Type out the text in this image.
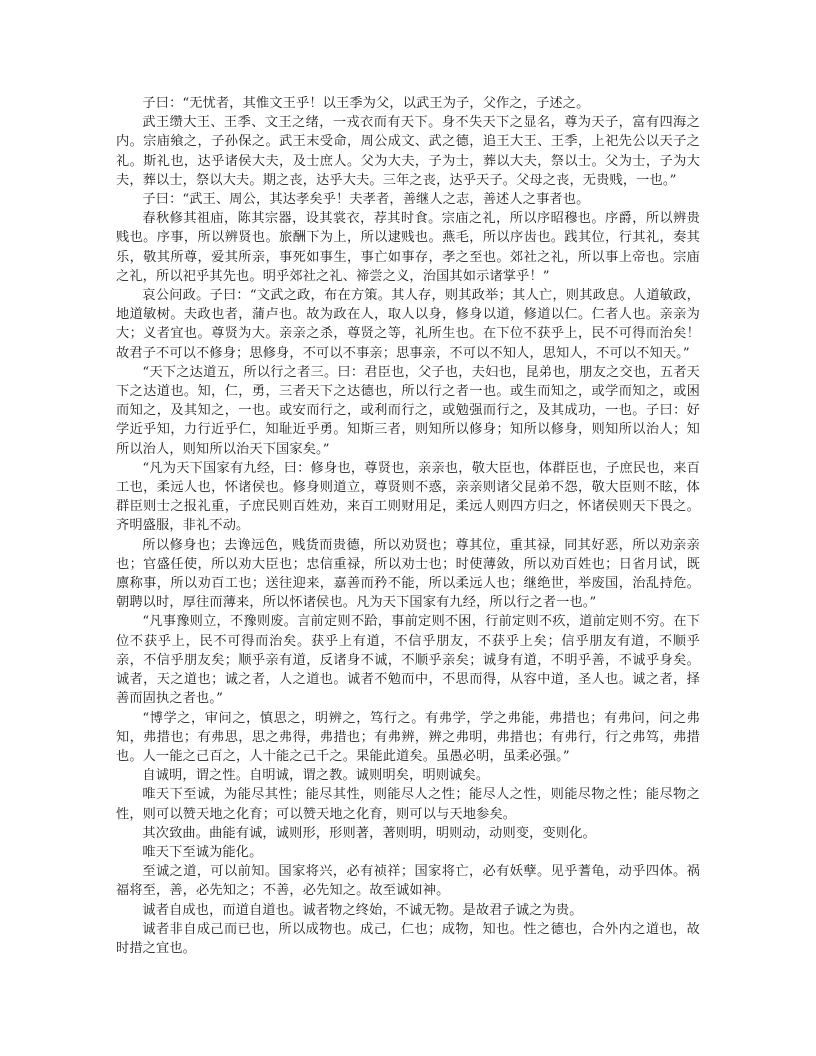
子曰：“无忧者，其惟文王乎！以王季为父，以武王为子，父作之，子述之。

武王缵大王、王季、文王之绪，一戎衣而有天下。身不失天下之显名，尊为天子，富有四海之内。宗庙飨之，子孙保之。武王末受命，周公成文、武之德，追王大王、王季，上祀先公以天子之礼。斯礼也，达乎诸侯大夫，及士庶人。父为大夫，子为士，葬以大夫，祭以士。父为士，子为大夫，葬以士，祭以大夫。期之丧，达乎大夫。三年之丧，达乎天子。父母之丧，无贵贱，一也。”

子曰：“武王、周公，其达孝矣乎！夫孝者，善继人之志，善述人之事者也。

春秋修其祖庙，陈其宗器，设其裳衣，荐其时食。宗庙之礼，所以序昭穆也。序爵，所以辨贵贱也。序事，所以辨贤也。旅酬下为上，所以逮贱也。燕毛，所以序齿也。践其位，行其礼，奏其乐，敬其所尊，爱其所亲，事死如事生，事亡如事存，孝之至也。郊社之礼，所以事上帝也。宗庙之礼，所以祀乎其先也。明乎郊社之礼、禘尝之义，治国其如示诸掌乎！”

哀公问政。子曰：“文武之政，布在方策。其人存，则其政举；其人亡，则其政息。人道敏政，地道敏树。夫政也者，蒲卢也。故为政在人，取人以身，修身以道，修道以仁。仁者人也。亲亲为大；义者宜也。尊贤为大。亲亲之杀，尊贤之等，礼所生也。在下位不获乎上，民不可得而治矣！故君子不可以不修身；思修身，不可以不事亲；思事亲，不可以不知人，思知人，不可以不知天。”

“天下之达道五，所以行之者三。曰：君臣也，父子也，夫妇也，昆弟也，朋友之交也，五者天下之达道也。知，仁，勇，三者天下之达德也，所以行之者一也。或生而知之，或学而知之，或困而知之，及其知之，一也。或安而行之，或利而行之，或勉强而行之，及其成功，一也。子曰：好学近乎知，力行近乎仁，知耻近乎勇。知斯三者，则知所以修身；知所以修身，则知所以治人；知所以治人，则知所以治天下国家矣。”

“凡为天下国家有九经，曰：修身也，尊贤也，亲亲也，敬大臣也，体群臣也，子庶民也，来百工也，柔远人也，怀诸侯也。修身则道立，尊贤则不惑，亲亲则诸父昆弟不怨，敬大臣则不眩，体群臣则士之报礼重，子庶民则百姓劝，来百工则财用足，柔远人则四方归之，怀诸侯则天下畏之。齐明盛服，非礼不动。

所以修身也；去谗远色，贱货而贵德，所以劝贤也；尊其位，重其禄，同其好恶，所以劝亲亲也；官盛任使，所以劝大臣也；忠信重禄，所以劝士也；时使薄敛，所以劝百姓也；日省月试，既廪称事，所以劝百工也；送往迎来，嘉善而矜不能，所以柔远人也；继绝世，举废国，治乱持危。朝聘以时，厚往而薄来，所以怀诸侯也。凡为天下国家有九经，所以行之者一也。”

“凡事豫则立，不豫则废。言前定则不跲，事前定则不困，行前定则不疚，道前定则不穷。在下位不获乎上，民不可得而治矣。获乎上有道，不信乎朋友，不获乎上矣；信乎朋友有道，不顺乎亲，不信乎朋友矣；顺乎亲有道，反诸身不诚，不顺乎亲矣；诚身有道，不明乎善，不诚乎身矣。诚者，天之道也；诚之者，人之道也。诚者不勉而中，不思而得，从容中道，圣人也。诚之者，择善而固执之者也。”

“博学之，审问之，慎思之，明辨之，笃行之。有弗学，学之弗能，弗措也；有弗问，问之弗知，弗措也；有弗思，思之弗得，弗措也；有弗辨，辨之弗明，弗措也；有弗行，行之弗笃，弗措也。人一能之己百之，人十能之己千之。果能此道矣。虽愚必明，虽柔必强。”

自诚明，谓之性。自明诚，谓之教。诚则明矣，明则诚矣。

唯天下至诚，为能尽其性；能尽其性，则能尽人之性；能尽人之性，则能尽物之性；能尽物之性，则可以赞天地之化育；可以赞天地之化育，则可以与天地参矣。

其次致曲。曲能有诚，诚则形，形则著，著则明，明则动，动则变，变则化。

唯天下至诚为能化。

至诚之道，可以前知。国家将兴，必有祯祥；国家将亡，必有妖孽。见乎蓍龟，动乎四体。祸福将至，善，必先知之；不善，必先知之。故至诚如神。

诚者自成也，而道自道也。诚者物之终始，不诚无物。是故君子诚之为贵。

诚者非自成己而已也，所以成物也。成己，仁也；成物，知也。性之德也，合外内之道也，故时措之宜也。
